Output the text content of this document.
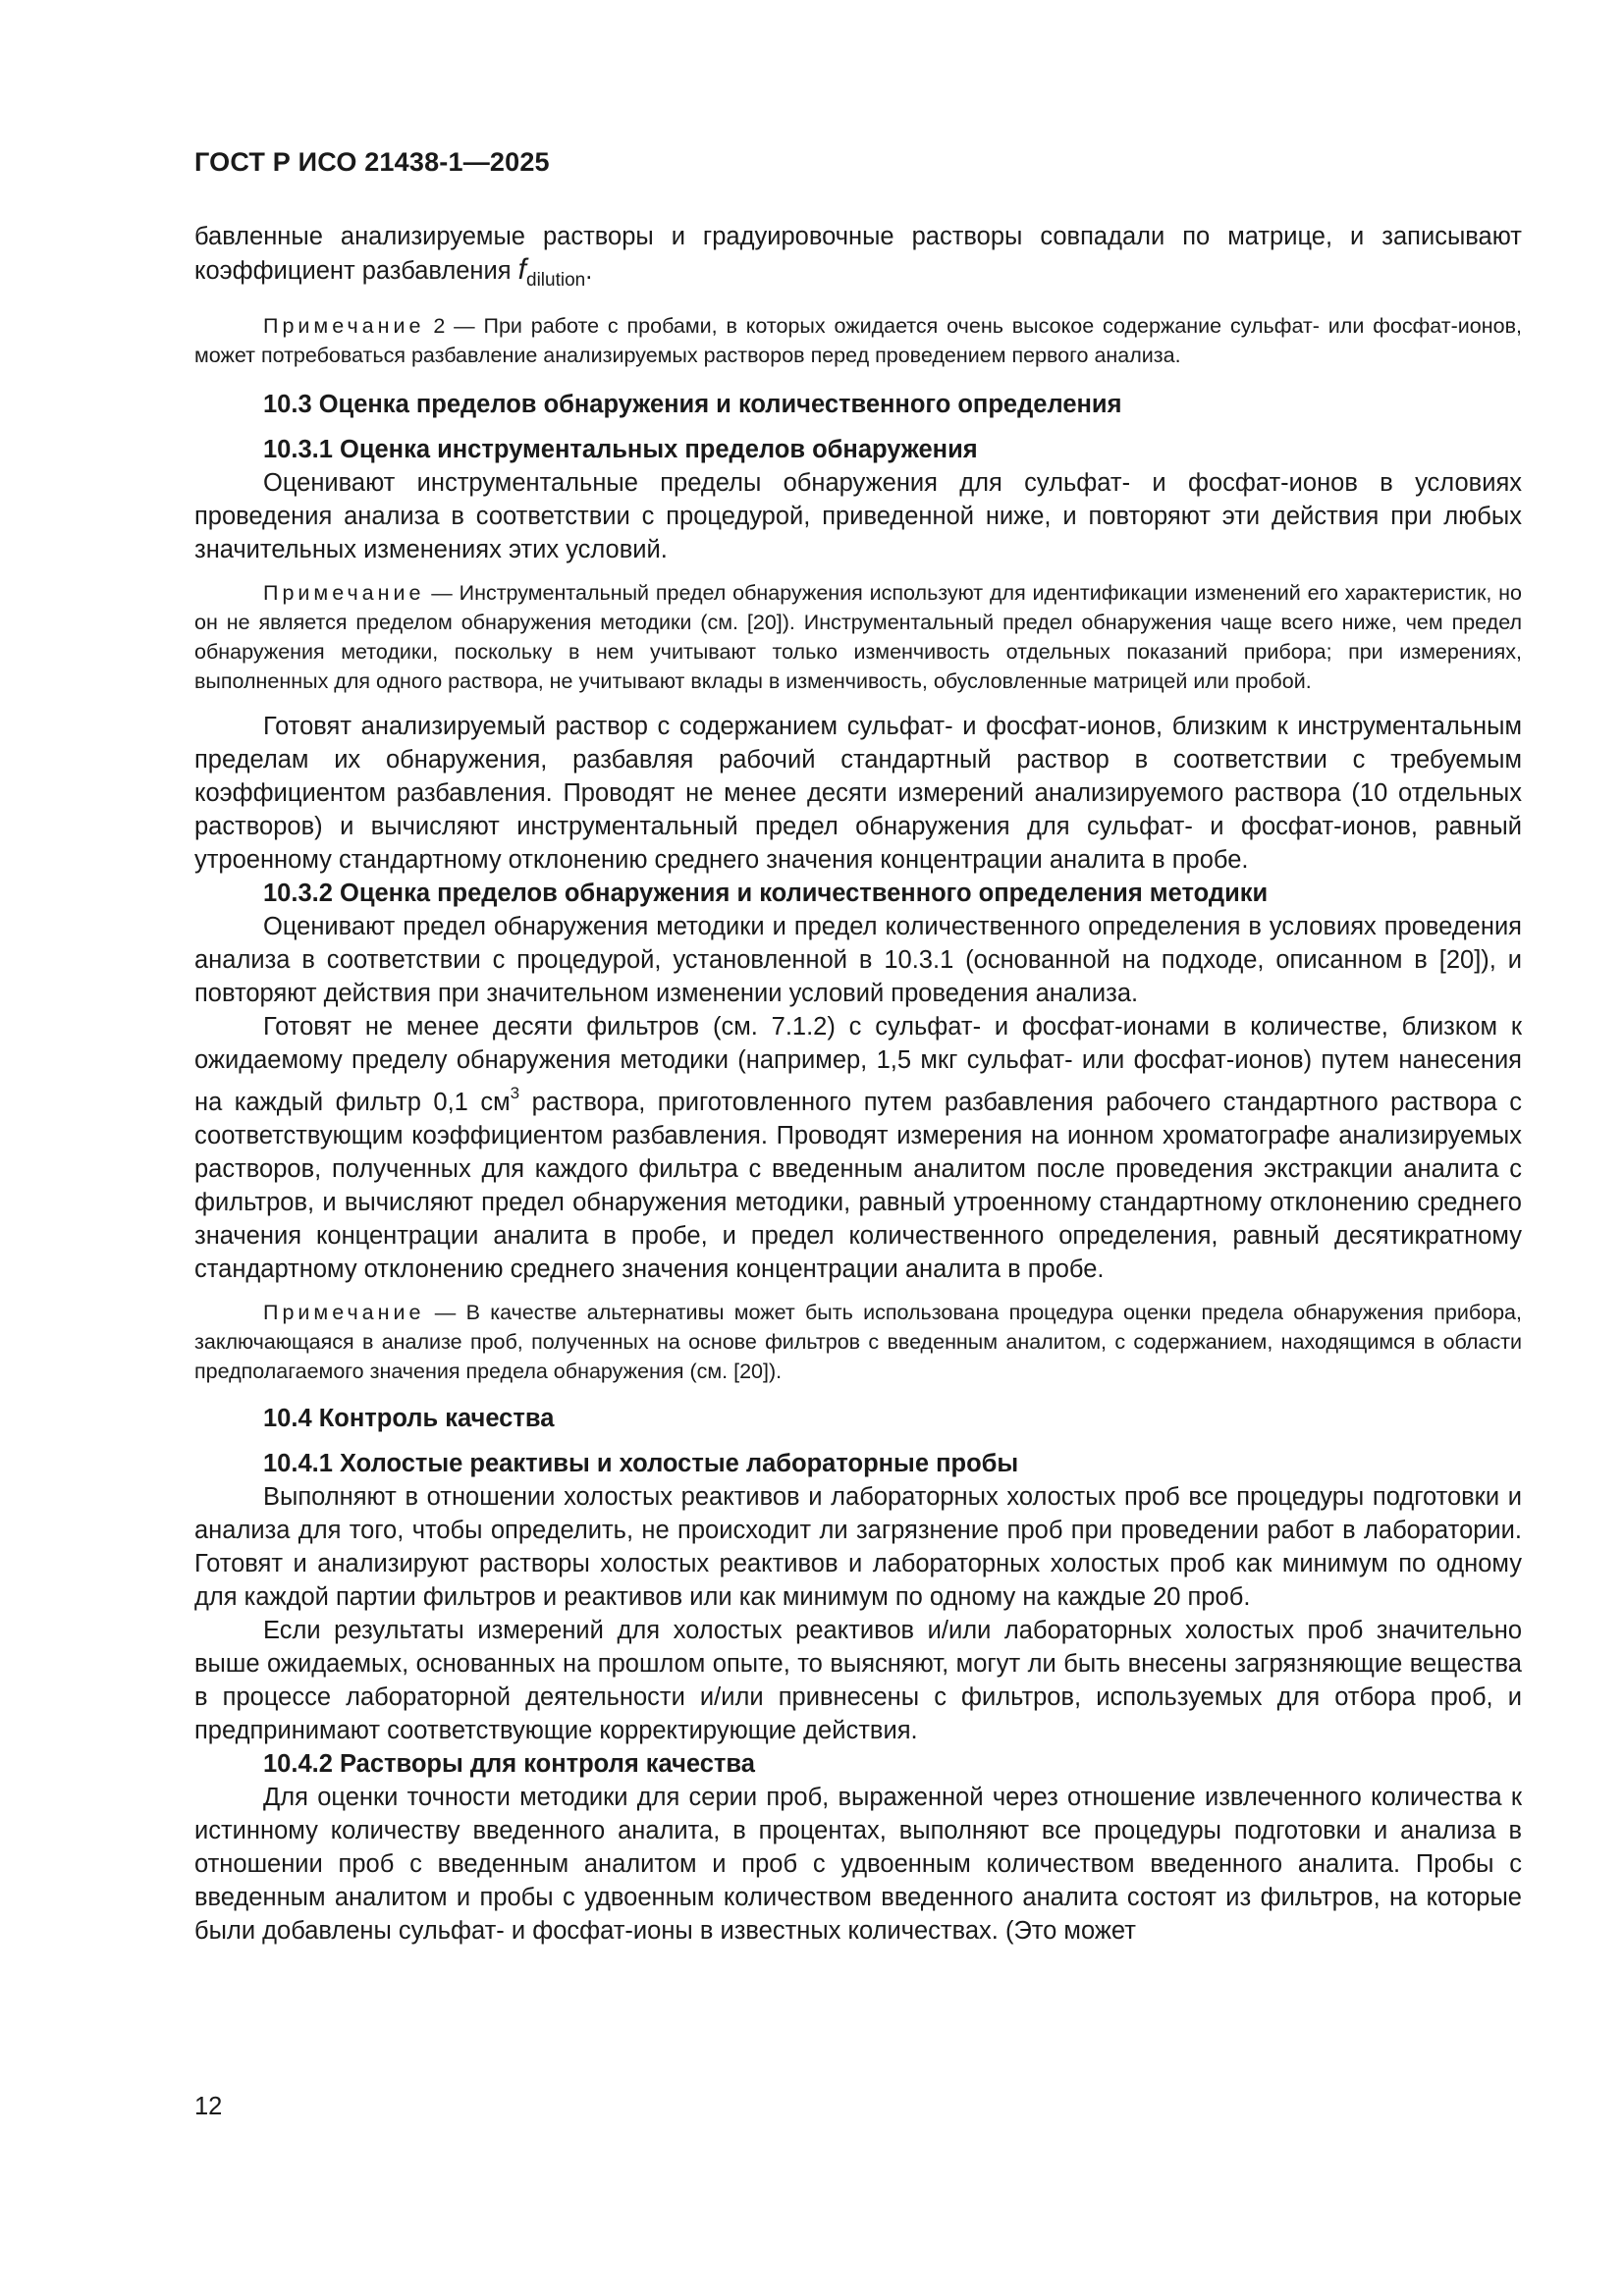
ГОСТ Р ИСО 21438-1—2025

бавленные анализируемые растворы и градуировочные растворы совпадали по матрице, и записывают коэффициент разбавления $f_{dilution}$.

Примечание 2 — При работе с пробами, в которых ожидается очень высокое содержание сульфат- или фосфат-ионов, может потребоваться разбавление анализируемых растворов перед проведением первого анализа.

10.3 Оценка пределов обнаружения и количественного определения

10.3.1 Оценка инструментальных пределов обнаружения

Оценивают инструментальные пределы обнаружения для сульфат- и фосфат-ионов в условиях проведения анализа в соответствии с процедурой, приведенной ниже, и повторяют эти действия при любых значительных изменениях этих условий.

Примечание — Инструментальный предел обнаружения используют для идентификации изменений его характеристик, но он не является пределом обнаружения методики (см. [20]). Инструментальный предел обнаружения чаще всего ниже, чем предел обнаружения методики, поскольку в нем учитывают только изменчивость отдельных показаний прибора; при измерениях, выполненных для одного раствора, не учитывают вклады в изменчивость, обусловленные матрицей или пробой.

Готовят анализируемый раствор с содержанием сульфат- и фосфат-ионов, близким к инструментальным пределам их обнаружения, разбавляя рабочий стандартный раствор в соответствии с требуемым коэффициентом разбавления. Проводят не менее десяти измерений анализируемого раствора (10 отдельных растворов) и вычисляют инструментальный предел обнаружения для сульфат- и фосфат-ионов, равный утроенному стандартному отклонению среднего значения концентрации аналита в пробе.

10.3.2 Оценка пределов обнаружения и количественного определения методики

Оценивают предел обнаружения методики и предел количественного определения в условиях проведения анализа в соответствии с процедурой, установленной в 10.3.1 (основанной на подходе, описанном в [20]), и повторяют действия при значительном изменении условий проведения анализа.

Готовят не менее десяти фильтров (см. 7.1.2) с сульфат- и фосфат-ионами в количестве, близком к ожидаемому пределу обнаружения методики (например, 1,5 мкг сульфат- или фосфат-ионов) путем нанесения на каждый фильтр 0,1 $см^3$ раствора, приготовленного путем разбавления рабочего стандартного раствора с соответствующим коэффициентом разбавления. Проводят измерения на ионном хроматографе анализируемых растворов, полученных для каждого фильтра с введенным аналитом после проведения экстракции аналита с фильтров, и вычисляют предел обнаружения методики, равный утроенному стандартному отклонению среднего значения концентрации аналита в пробе, и предел количественного определения, равный десятикратному стандартному отклонению среднего значения концентрации аналита в пробе.

Примечание — В качестве альтернативы может быть использована процедура оценки предела обнаружения прибора, заключающаяся в анализе проб, полученных на основе фильтров с введенным аналитом, с содержанием, находящимся в области предполагаемого значения предела обнаружения (см. [20]).

10.4 Контроль качества

10.4.1 Холостые реактивы и холостые лабораторные пробы

Выполняют в отношении холостых реактивов и лабораторных холостых проб все процедуры подготовки и анализа для того, чтобы определить, не происходит ли загрязнение проб при проведении работ в лаборатории. Готовят и анализируют растворы холостых реактивов и лабораторных холостых проб как минимум по одному для каждой партии фильтров и реактивов или как минимум по одному на каждые 20 проб.

Если результаты измерений для холостых реактивов и/или лабораторных холостых проб значительно выше ожидаемых, основанных на прошлом опыте, то выясняют, могут ли быть внесены загрязняющие вещества в процессе лабораторной деятельности и/или привнесены с фильтров, используемых для отбора проб, и предпринимают соответствующие корректирующие действия.

10.4.2 Растворы для контроля качества

Для оценки точности методики для серии проб, выраженной через отношение извлеченного количества к истинному количеству введенного аналита, в процентах, выполняют все процедуры подготовки и анализа в отношении проб с введенным аналитом и проб с удвоенным количеством введенного аналита. Пробы с введенным аналитом и пробы с удвоенным количеством введенного аналита состоят из фильтров, на которые были добавлены сульфат- и фосфат-ионы в известных количествах. (Это может

12
